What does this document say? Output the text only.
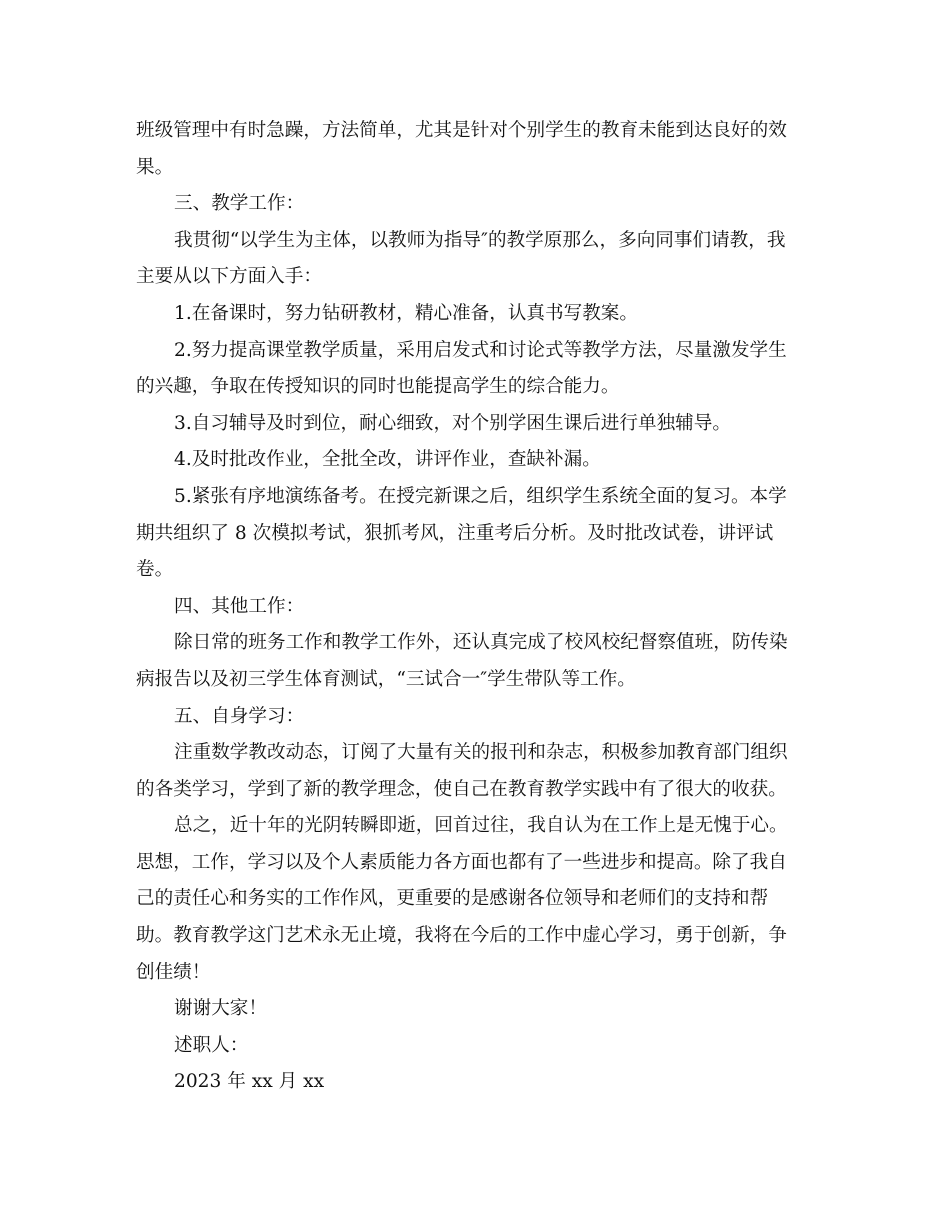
班级管理中有时急躁，方法简单，尤其是针对个别学生的教育未能到达良好的效
果。
三、教学工作：
我贯彻“以学生为主体，以教师为指导″的教学原那么，多向同事们请教，我
主要从以下方面入手：
1.在备课时，努力钻研教材，精心准备，认真书写教案。
2.努力提高课堂教学质量，采用启发式和讨论式等教学方法，尽量激发学生
的兴趣，争取在传授知识的同时也能提高学生的综合能力。
3.自习辅导及时到位，耐心细致，对个别学困生课后进行单独辅导。
4.及时批改作业，全批全改，讲评作业，查缺补漏。
5.紧张有序地演练备考。在授完新课之后，组织学生系统全面的复习。本学
期共组织了 8 次模拟考试，狠抓考风，注重考后分析。及时批改试卷，讲评试
卷。
四、其他工作：
除日常的班务工作和教学工作外，还认真完成了校风校纪督察值班，防传染
病报告以及初三学生体育测试，“三试合一″学生带队等工作。
五、自身学习：
注重数学教改动态，订阅了大量有关的报刊和杂志，积极参加教育部门组织
的各类学习，学到了新的教学理念，使自己在教育教学实践中有了很大的收获。
总之，近十年的光阴转瞬即逝，回首过往，我自认为在工作上是无愧于心。
思想，工作，学习以及个人素质能力各方面也都有了一些进步和提高。除了我自
己的责任心和务实的工作作风，更重要的是感谢各位领导和老师们的支持和帮
助。教育教学这门艺术永无止境，我将在今后的工作中虚心学习，勇于创新，争
创佳绩！
谢谢大家！
述职人：
2023 年 xx 月 xx
